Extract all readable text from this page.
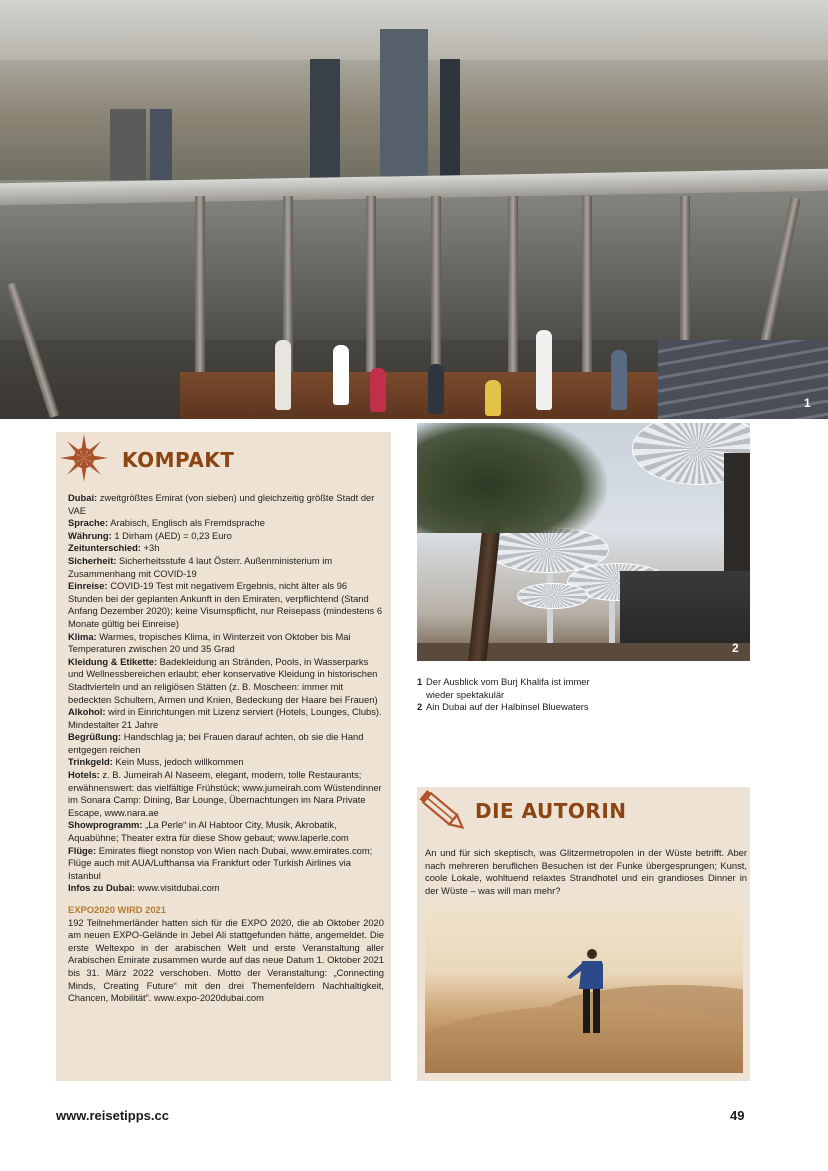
1
KOMPAKT

Dubai: zweitgrößtes Emirat (von sieben) und gleichzeitig größte Stadt der VAE

Sprache: Arabisch, Englisch als Fremdsprache

Währung: 1 Dirham (AED) = 0,23 Euro

Zeitunterschied: +3h

Sicherheit: Sicherheitsstufe 4 laut Österr. Außenministerium im Zusammenhang mit COVID-19

Einreise: COVID-19 Test mit negativem Ergebnis, nicht älter als 96 Stunden bei der geplanten Ankunft in den Emiraten, verpflichtend (Stand Anfang Dezember 2020); keine Visumspflicht, nur Reisepass (mindestens 6 Monate gültig bei Einreise)

Klima: Warmes, tropisches Klima, in Winterzeit von Oktober bis Mai Temperaturen zwischen 20 und 35 Grad

Kleidung & Etikette: Badekleidung an Stränden, Pools, in Wasserparks und Wellnessbereichen erlaubt; eher konservative Kleidung in historischen Stadtvierteln und an religiösen Stätten (z. B. Moscheen: immer mit bedeckten Schultern, Armen und Knien, Bedeckung der Haare bei Frauen)

Alkohol: wird in Einrichtungen mit Lizenz serviert (Hotels, Lounges, Clubs). Mindestalter 21 Jahre

Begrüßung: Handschlag ja; bei Frauen darauf achten, ob sie die Hand entgegen reichen

Trinkgeld: Kein Muss, jedoch willkommen

Hotels: z. B. Jumeirah Al Naseem, elegant, modern, tolle Restaurants; erwähnenswert: das vielfältige Frühstück; www.jumeirah.com Wüstendinner im Sonara Camp: Dining, Bar Lounge, Übernachtungen im Nara Private Escape, www.nara.ae

Showprogramm: „La Perle“ in Al Habtoor City, Musik, Akrobatik, Aquabühne; Theater extra für diese Show gebaut; www.laperle.com

Flüge: Emirates fliegt nonstop von Wien nach Dubai, www.emirates.com; Flüge auch mit AUA/Lufthansa via Frankfurt oder Turkish Airlines via Istanbul

Infos zu Dubai: www.visitdubai.com

EXPO2020 WIRD 2021

192 Teilnehmerländer hatten sich für die EXPO 2020, die ab Oktober 2020 am neuen EXPO-Gelände in Jebel Ali stattgefunden hätte, angemeldet. Die erste Weltexpo in der arabischen Welt und erste Veranstaltung aller Arabischen Emirate zusammen wurde auf das neue Datum 1. Oktober 2021 bis 31. März 2022 verschoben. Motto der Veranstaltung: „Connecting Minds, Creating Future“ mit den drei Themenfeldern Nachhaltigkeit, Chancen, Mobilität“. www.expo-2020dubai.com

2
1 Der Ausblick vom Burj Khalifa ist immer wieder spektakulär
2 Ain Dubai auf der Halbinsel Bluewaters
DIE AUTORIN
An und für sich skeptisch, was Glitzermetropolen in der Wüste betrifft. Aber nach mehreren beruflichen Besuchen ist der Funke übergesprungen; Kunst, coole Lokale, wohltuend relaxtes Strandhotel und ein grandioses Dinner in der Wüste – was will man mehr?
www.reisetipps.cc	49
